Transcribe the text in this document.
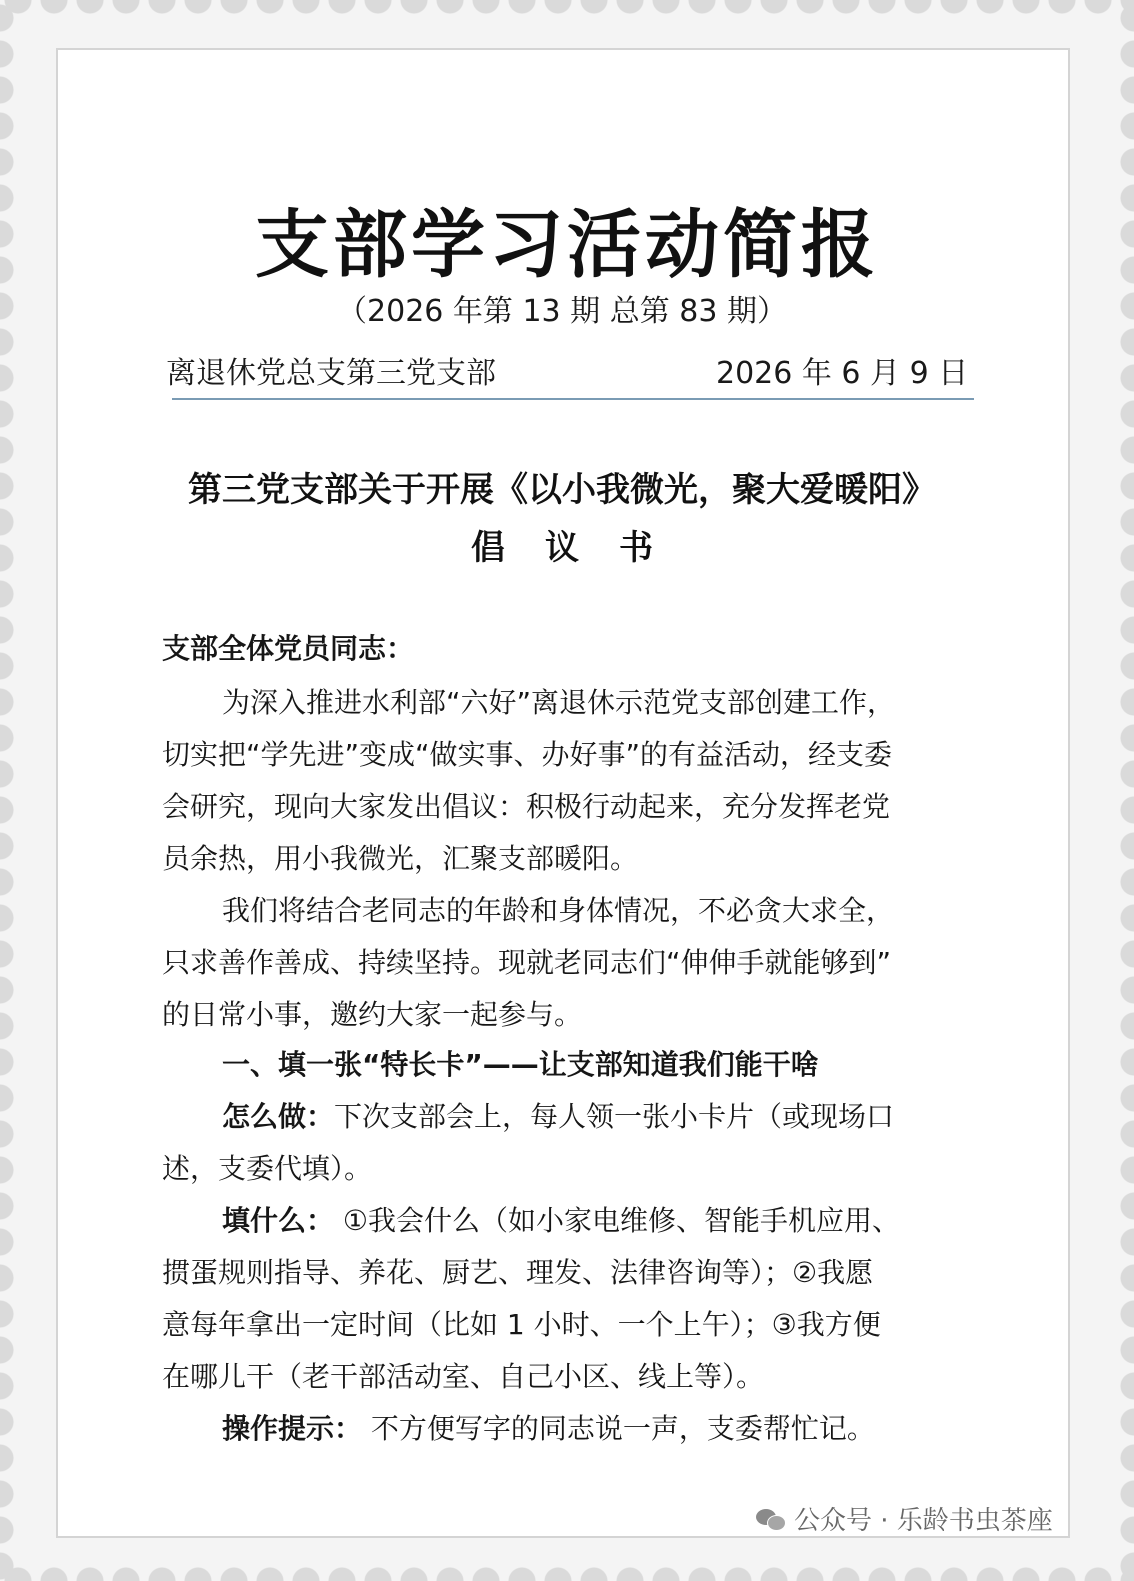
支部学习活动简报
（2026 年第 13 期 总第 83 期）
离退休党总支第三党支部	2026 年 6 月 9 日
第三党支部关于开展《以小我微光，聚大爱暖阳》
倡议书
支部全体党员同志：
为深入推进水利部“六好”离退休示范党支部创建工作，
切实把“学先进”变成“做实事、办好事”的有益活动，经支委
会研究，现向大家发出倡议：积极行动起来，充分发挥老党
员余热，用小我微光，汇聚支部暖阳。
我们将结合老同志的年龄和身体情况，不必贪大求全，
只求善作善成、持续坚持。现就老同志们“伸伸手就能够到”
的日常小事，邀约大家一起参与。
一、填一张“特长卡”——让支部知道我们能干啥
怎么做：下次支部会上，每人领一张小卡片（或现场口
述，支委代填）。
填什么： ①我会什么（如小家电维修、智能手机应用、
掼蛋规则指导、养花、厨艺、理发、法律咨询等）；②我愿
意每年拿出一定时间（比如 1 小时、一个上午）；③我方便
在哪儿干（老干部活动室、自己小区、线上等）。
操作提示： 不方便写字的同志说一声，支委帮忙记。
公众号 · 乐龄书虫茶座
